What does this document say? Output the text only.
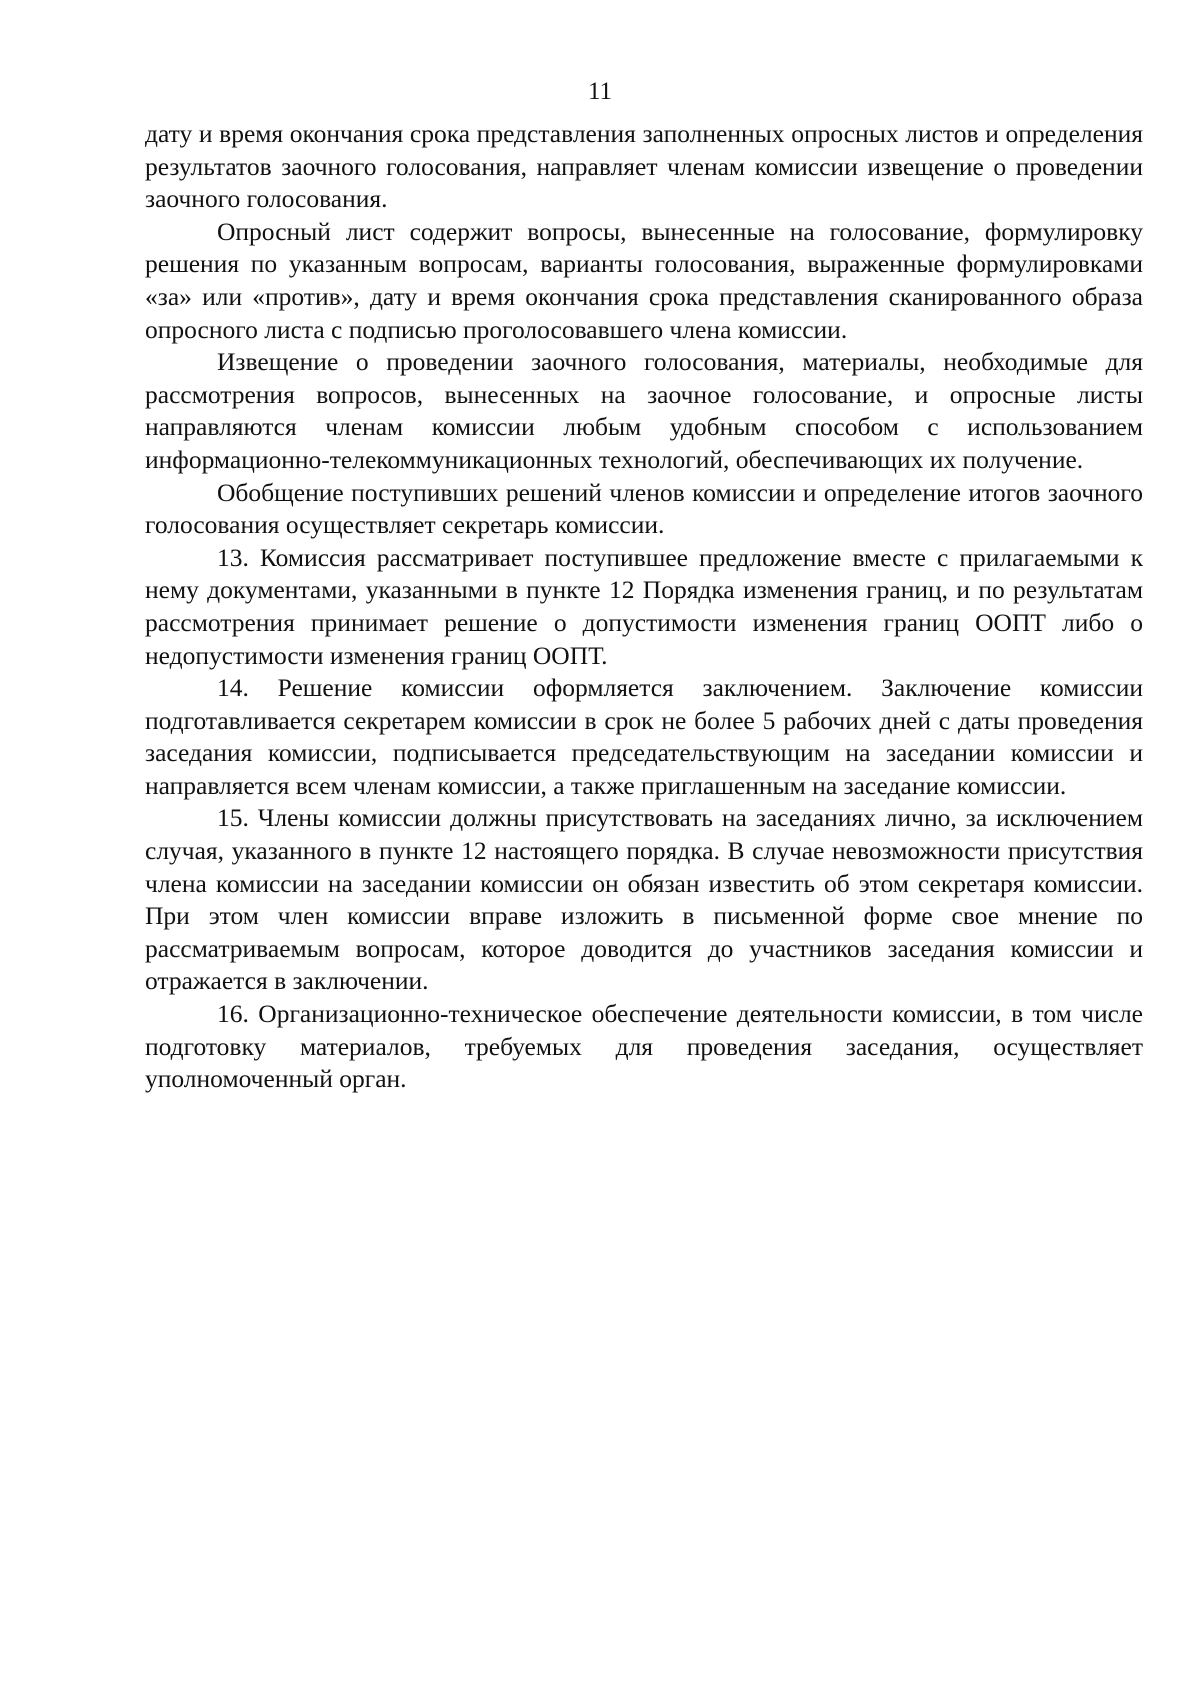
11

дату и время окончания срока представления заполненных опросных листов и определения результатов заочного голосования, направляет членам комиссии извещение о проведении заочного голосования.

Опросный лист содержит вопросы, вынесенные на голосование, формулировку решения по указанным вопросам, варианты голосования, выраженные формулировками «за» или «против», дату и время окончания срока представления сканированного образа опросного листа с подписью проголосовавшего члена комиссии.

Извещение о проведении заочного голосования, материалы, необходимые для рассмотрения вопросов, вынесенных на заочное голосование, и опросные листы направляются членам комиссии любым удобным способом с использованием информационно-телекоммуникационных технологий, обеспечивающих их получение.

Обобщение поступивших решений членов комиссии и определение итогов заочного голосования осуществляет секретарь комиссии.

13. Комиссия рассматривает поступившее предложение вместе с прилагаемыми к нему документами, указанными в пункте 12 Порядка изменения границ, и по результатам рассмотрения принимает решение о допустимости изменения границ ООПТ либо о недопустимости изменения границ ООПТ.

14. Решение комиссии оформляется заключением. Заключение комиссии подготавливается секретарем комиссии в срок не более 5 рабочих дней с даты проведения заседания комиссии, подписывается председательствующим на заседании комиссии и направляется всем членам комиссии, а также приглашенным на заседание комиссии.

15. Члены комиссии должны присутствовать на заседаниях лично, за исключением случая, указанного в пункте 12 настоящего порядка. В случае невозможности присутствия члена комиссии на заседании комиссии он обязан известить об этом секретаря комиссии. При этом член комиссии вправе изложить в письменной форме свое мнение по рассматриваемым вопросам, которое доводится до участников заседания комиссии и отражается в заключении.

16. Организационно-техническое обеспечение деятельности комиссии, в том числе подготовку материалов, требуемых для проведения заседания, осуществляет уполномоченный орган.
